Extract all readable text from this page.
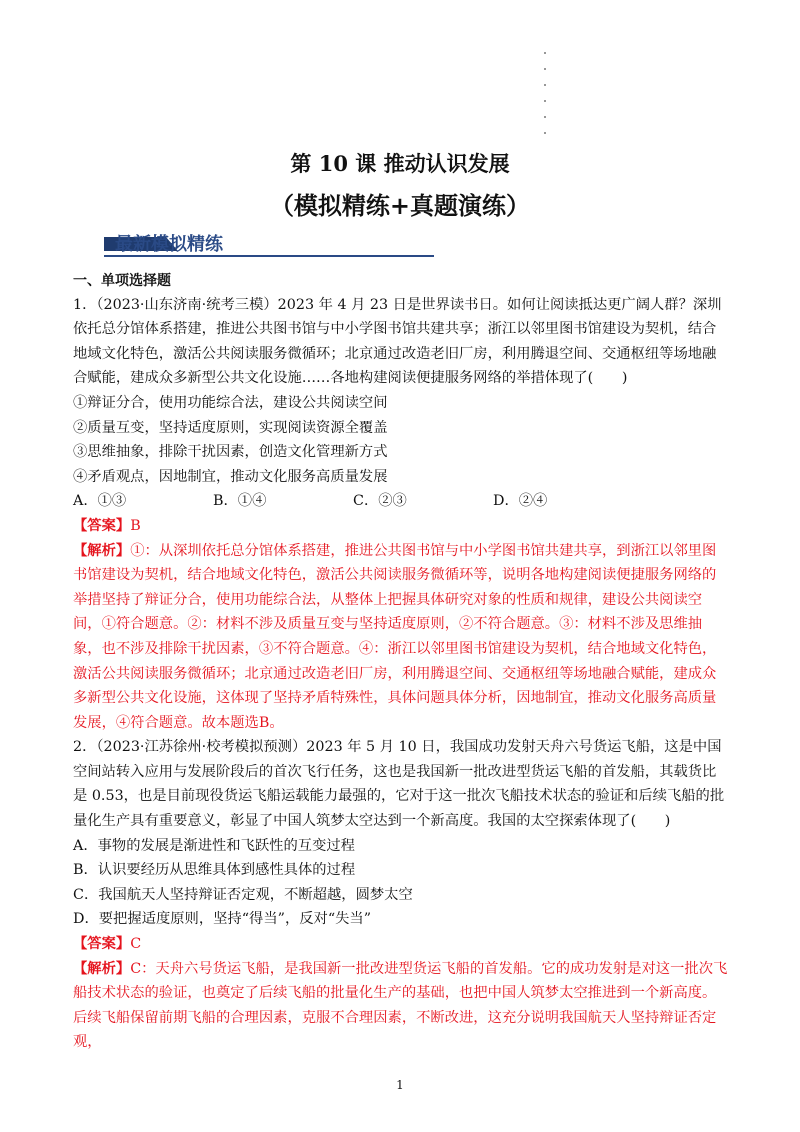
第 10 课 推动认识发展
（模拟精练+真题演练）
最新模拟精练

一、单项选择题

1．（2023·山东济南·统考三模）2023 年 4 月 23 日是世界读书日。如何让阅读抵达更广阔人群？深圳依托总分馆体系搭建，推进公共图书馆与中小学图书馆共建共享；浙江以邻里图书馆建设为契机，结合地域文化特色，激活公共阅读服务微循环；北京通过改造老旧厂房，利用腾退空间、交通枢纽等场地融合赋能，建成众多新型公共文化设施……各地构建阅读便捷服务网络的举措体现了(　　)

①辩证分合，使用功能综合法，建设公共阅读空间

②质量互变，坚持适度原则，实现阅读资源全覆盖

③思维抽象，排除干扰因素，创造文化管理新方式

④矛盾观点，因地制宜，推动文化服务高质量发展

A．①③	B．①④	C．②③	D．②④

【答案】B

【解析】①：从深圳依托总分馆体系搭建，推进公共图书馆与中小学图书馆共建共享，到浙江以邻里图书馆建设为契机，结合地域文化特色，激活公共阅读服务微循环等，说明各地构建阅读便捷服务网络的举措坚持了辩证分合，使用功能综合法，从整体上把握具体研究对象的性质和规律，建设公共阅读空间，①符合题意。②：材料不涉及质量互变与坚持适度原则，②不符合题意。③：材料不涉及思维抽象，也不涉及排除干扰因素，③不符合题意。④：浙江以邻里图书馆建设为契机，结合地域文化特色，激活公共阅读服务微循环；北京通过改造老旧厂房，利用腾退空间、交通枢纽等场地融合赋能，建成众多新型公共文化设施，这体现了坚持矛盾特殊性，具体问题具体分析，因地制宜，推动文化服务高质量发展，④符合题意。故本题选B。

2．（2023·江苏徐州·校考模拟预测）2023 年 5 月 10 日，我国成功发射天舟六号货运飞船，这是中国空间站转入应用与发展阶段后的首次飞行任务，这也是我国新一批改进型货运飞船的首发船，其载货比是 0.53，也是目前现役货运飞船运载能力最强的，它对于这一批次飞船技术状态的验证和后续飞船的批量化生产具有重要意义，彰显了中国人筑梦太空达到一个新高度。我国的太空探索体现了(　　)

A．事物的发展是渐进性和飞跃性的互变过程

B．认识要经历从思维具体到感性具体的过程

C．我国航天人坚持辩证否定观，不断超越，圆梦太空

D．要把握适度原则，坚持“得当”，反对“失当”

【答案】C

【解析】C：天舟六号货运飞船，是我国新一批改进型货运飞船的首发船。它的成功发射是对这一批次飞船技术状态的验证，也奠定了后续飞船的批量化生产的基础，也把中国人筑梦太空推进到一个新高度。后续飞船保留前期飞船的合理因素，克服不合理因素，不断改进，这充分说明我国航天人坚持辩证否定观，

1
